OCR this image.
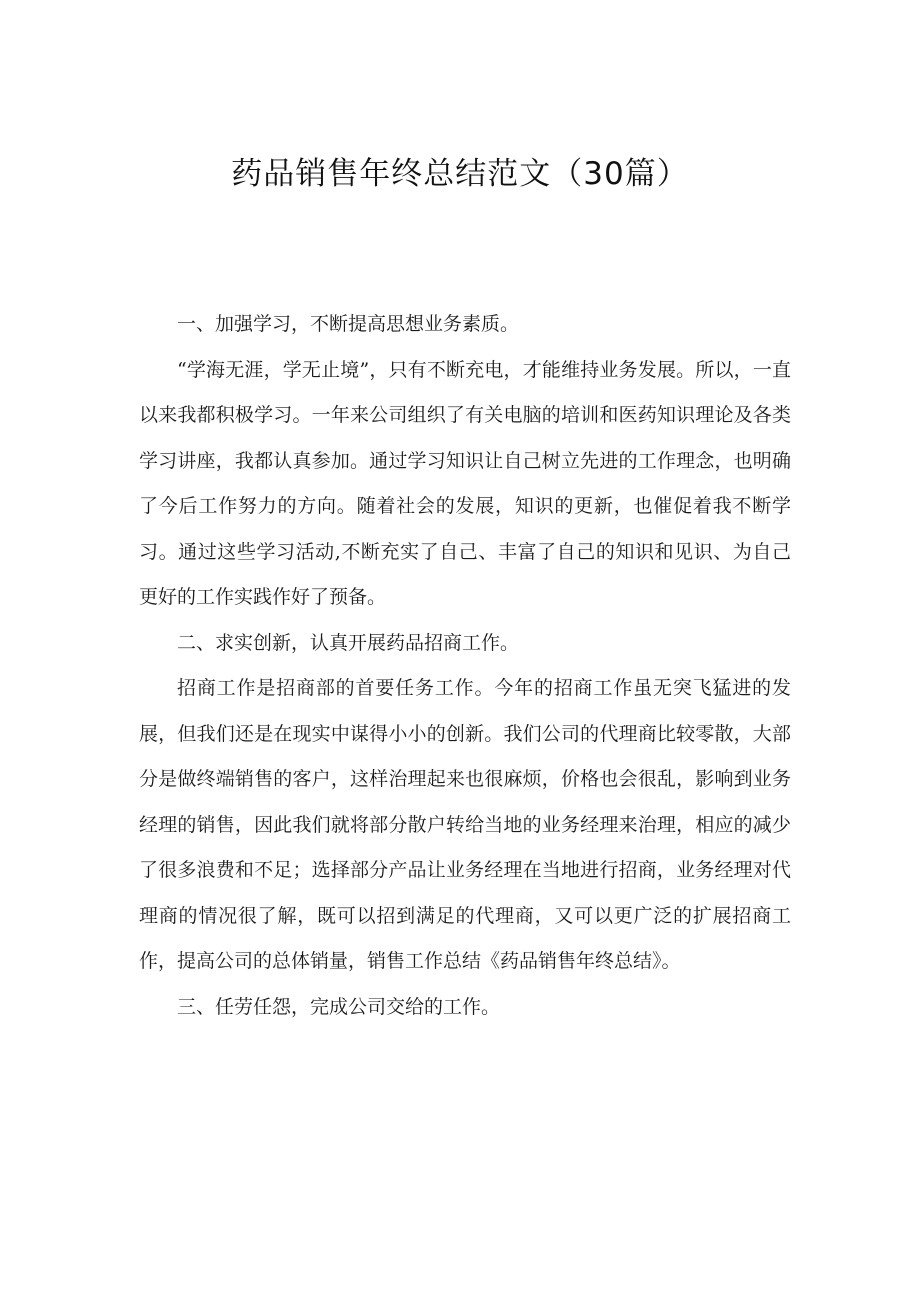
药品销售年终总结范文（30篇）

一、加强学习，不断提高思想业务素质。

“学海无涯，学无止境”，只有不断充电，才能维持业务发展。所以，一直以来我都积极学习。一年来公司组织了有关电脑的培训和医药知识理论及各类学习讲座，我都认真参加。通过学习知识让自己树立先进的工作理念，也明确了今后工作努力的方向。随着社会的发展，知识的更新，也催促着我不断学习。通过这些学习活动,不断充实了自己、丰富了自己的知识和见识、为自己更好的工作实践作好了预备。

二、求实创新，认真开展药品招商工作。

招商工作是招商部的首要任务工作。今年的招商工作虽无突飞猛进的发展，但我们还是在现实中谋得小小的创新。我们公司的代理商比较零散，大部分是做终端销售的客户，这样治理起来也很麻烦，价格也会很乱，影响到业务经理的销售，因此我们就将部分散户转给当地的业务经理来治理，相应的减少了很多浪费和不足；选择部分产品让业务经理在当地进行招商，业务经理对代理商的情况很了解，既可以招到满足的代理商，又可以更广泛的扩展招商工作，提高公司的总体销量，销售工作总结《药品销售年终总结》。

三、任劳任怨，完成公司交给的工作。
